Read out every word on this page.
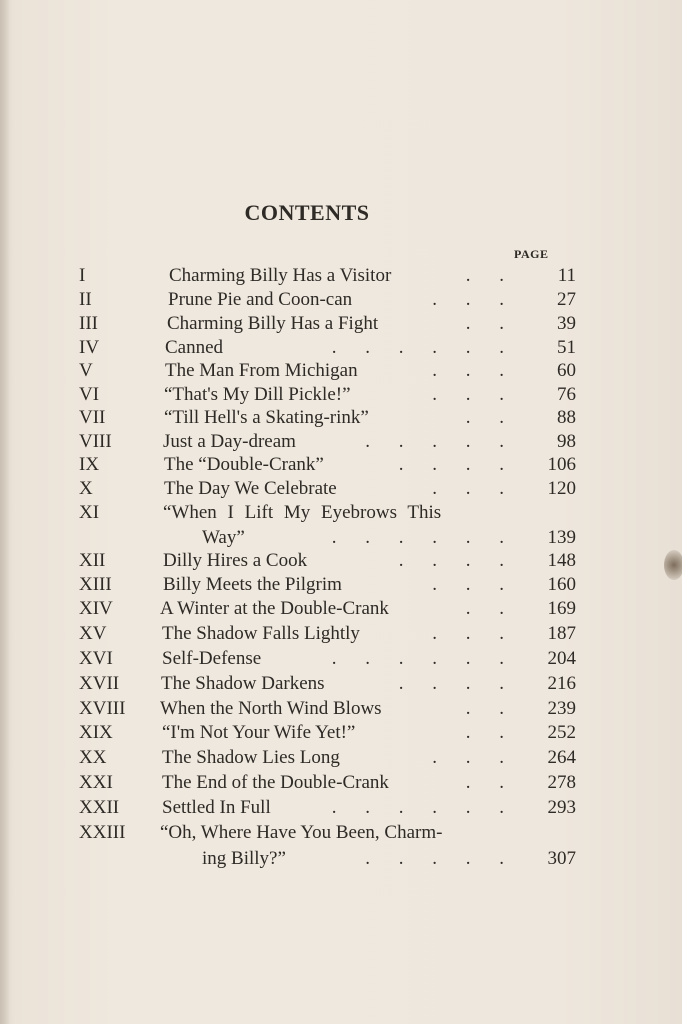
CONTENTS
PAGE
I	Charming Billy Has a Visitor	. .	11
II	Prune Pie and Coon-can	. . .	27
III	Charming Billy Has a Fight	. .	39
IV	Canned	. . . . . .	51
V	The Man From Michigan	. . .	60
VI	“That's My Dill Pickle!”	. . .	76
VII	“Till Hell's a Skating-rink”	. .	88
VIII	Just a Day-dream	. . . . .	98
IX	The “Double-Crank”	. . . .	106
X	The Day We Celebrate	. . .	120
XI	“When I Lift My Eyebrows This
Way”	. . . . . .	139
XII	Dilly Hires a Cook	. . . .	148
XIII	Billy Meets the Pilgrim	. . .	160
XIV A Winter at the Double-Crank	. .	169
XV	The Shadow Falls Lightly	. . .	187
XVI	Self-Defense	. . . . . .	204
XVII The Shadow Darkens	. . . .	216
XVIII When the North Wind Blows	. .	239
XIX	“I'm Not Your Wife Yet!”	. .	252
XX	The Shadow Lies Long	. . .	264
XXI	The End of the Double-Crank	. .	278
XXII Settled In Full	. . . . . .	293
XXIII “Oh, Where Have You Been, Charm-
ing Billy?”	. . . . .	307
